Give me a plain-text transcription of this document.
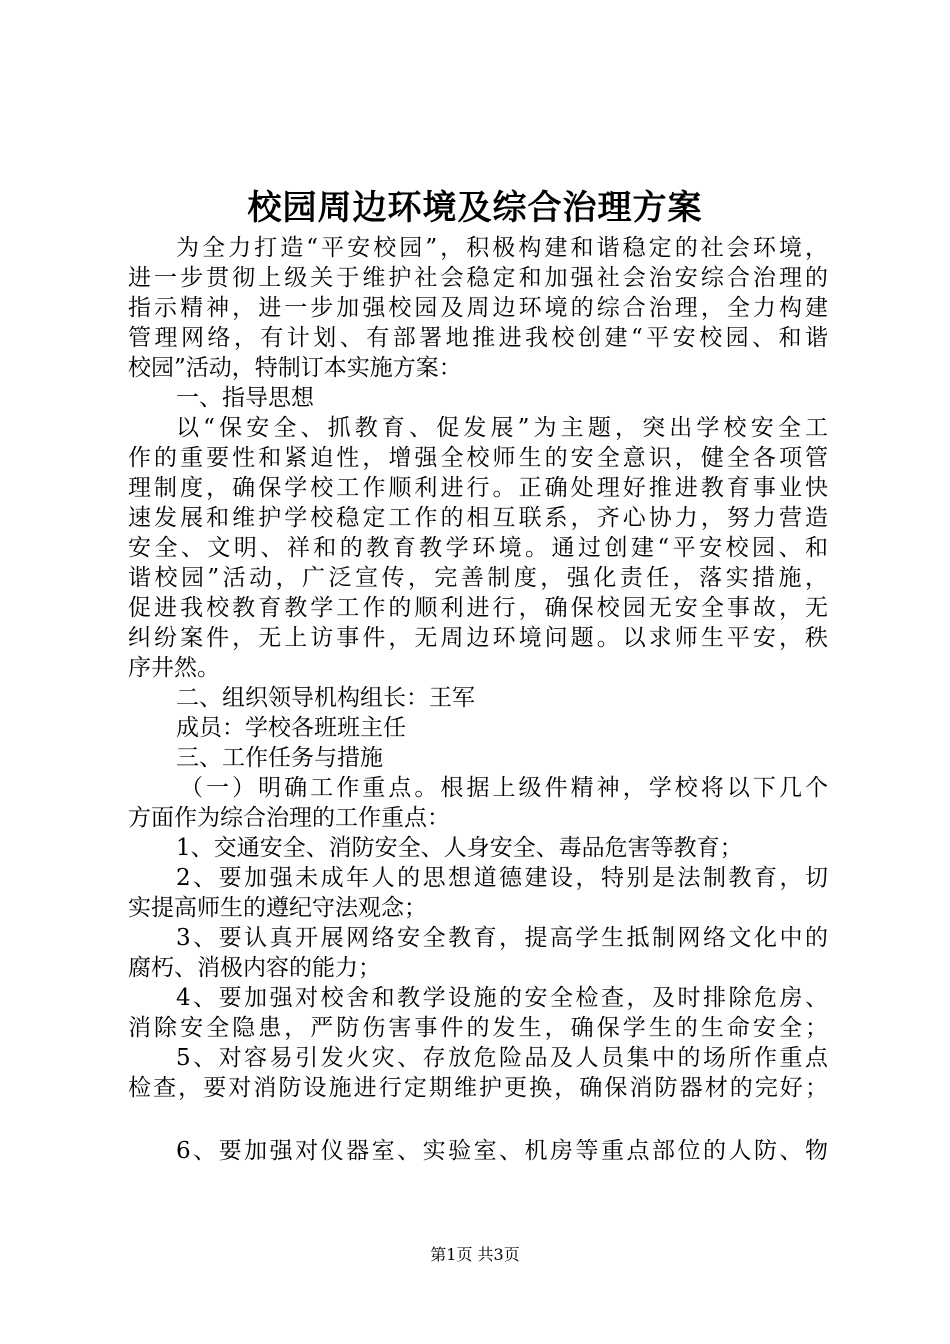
校园周边环境及综合治理方案
为全力打造“平安校园”，积极构建和谐稳定的社会环境，
进一步贯彻上级关于维护社会稳定和加强社会治安综合治理的
指示精神，进一步加强校园及周边环境的综合治理，全力构建
管理网络，有计划、有部署地推进我校创建“平安校园、和谐
校园”活动，特制订本实施方案：
一、指导思想
以“保安全、抓教育、促发展”为主题，突出学校安全工
作的重要性和紧迫性，增强全校师生的安全意识，健全各项管
理制度，确保学校工作顺利进行。正确处理好推进教育事业快
速发展和维护学校稳定工作的相互联系，齐心协力，努力营造
安全、文明、祥和的教育教学环境。通过创建“平安校园、和
谐校园”活动，广泛宣传，完善制度，强化责任，落实措施，
促进我校教育教学工作的顺利进行，确保校园无安全事故，无
纠纷案件，无上访事件，无周边环境问题。以求师生平安，秩
序井然。
二、组织领导机构组长：王军
成员：学校各班班主任
三、工作任务与措施
（一）明确工作重点。根据上级件精神，学校将以下几个
方面作为综合治理的工作重点：
1、交通安全、消防安全、人身安全、毒品危害等教育；
2、要加强未成年人的思想道德建设，特别是法制教育，切
实提高师生的遵纪守法观念；
3、要认真开展网络安全教育，提高学生抵制网络文化中的
腐朽、消极内容的能力；
4、要加强对校舍和教学设施的安全检查，及时排除危房、
消除安全隐患，严防伤害事件的发生，确保学生的生命安全；
5、对容易引发火灾、存放危险品及人员集中的场所作重点
检查，要对消防设施进行定期维护更换，确保消防器材的完好；
6、要加强对仪器室、实验室、机房等重点部位的人防、物
第1页 共3页
